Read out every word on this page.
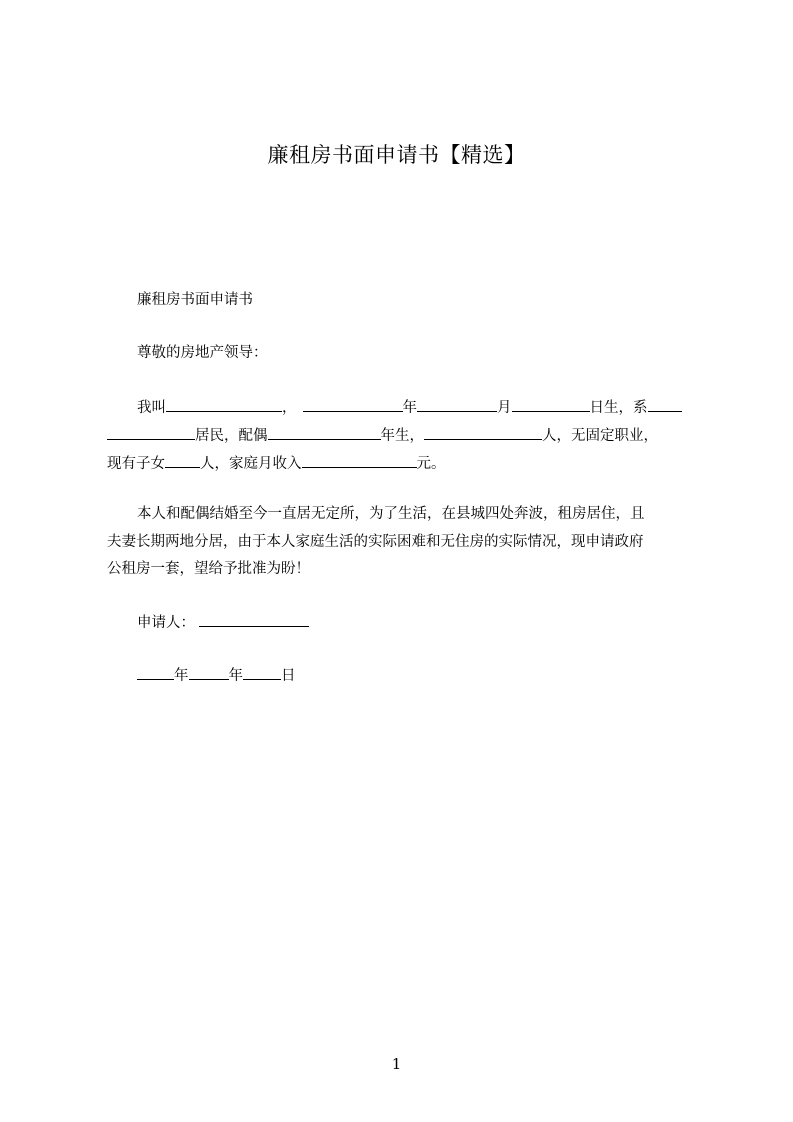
廉租房书面申请书【精选】
廉租房书面申请书
尊敬的房地产领导：
我叫	，	年	月	日生，系
居民，配偶	年生，	人，无固定职业，
现有子女 人，家庭月收入	元。
本人和配偶结婚至今一直居无定所，为了生活，在县城四处奔波，租房居住，且
夫妻长期两地分居，由于本人家庭生活的实际困难和无住房的实际情况，现申请政府
公租房一套，望给予批准为盼！
申请人：
年	年	日
1
